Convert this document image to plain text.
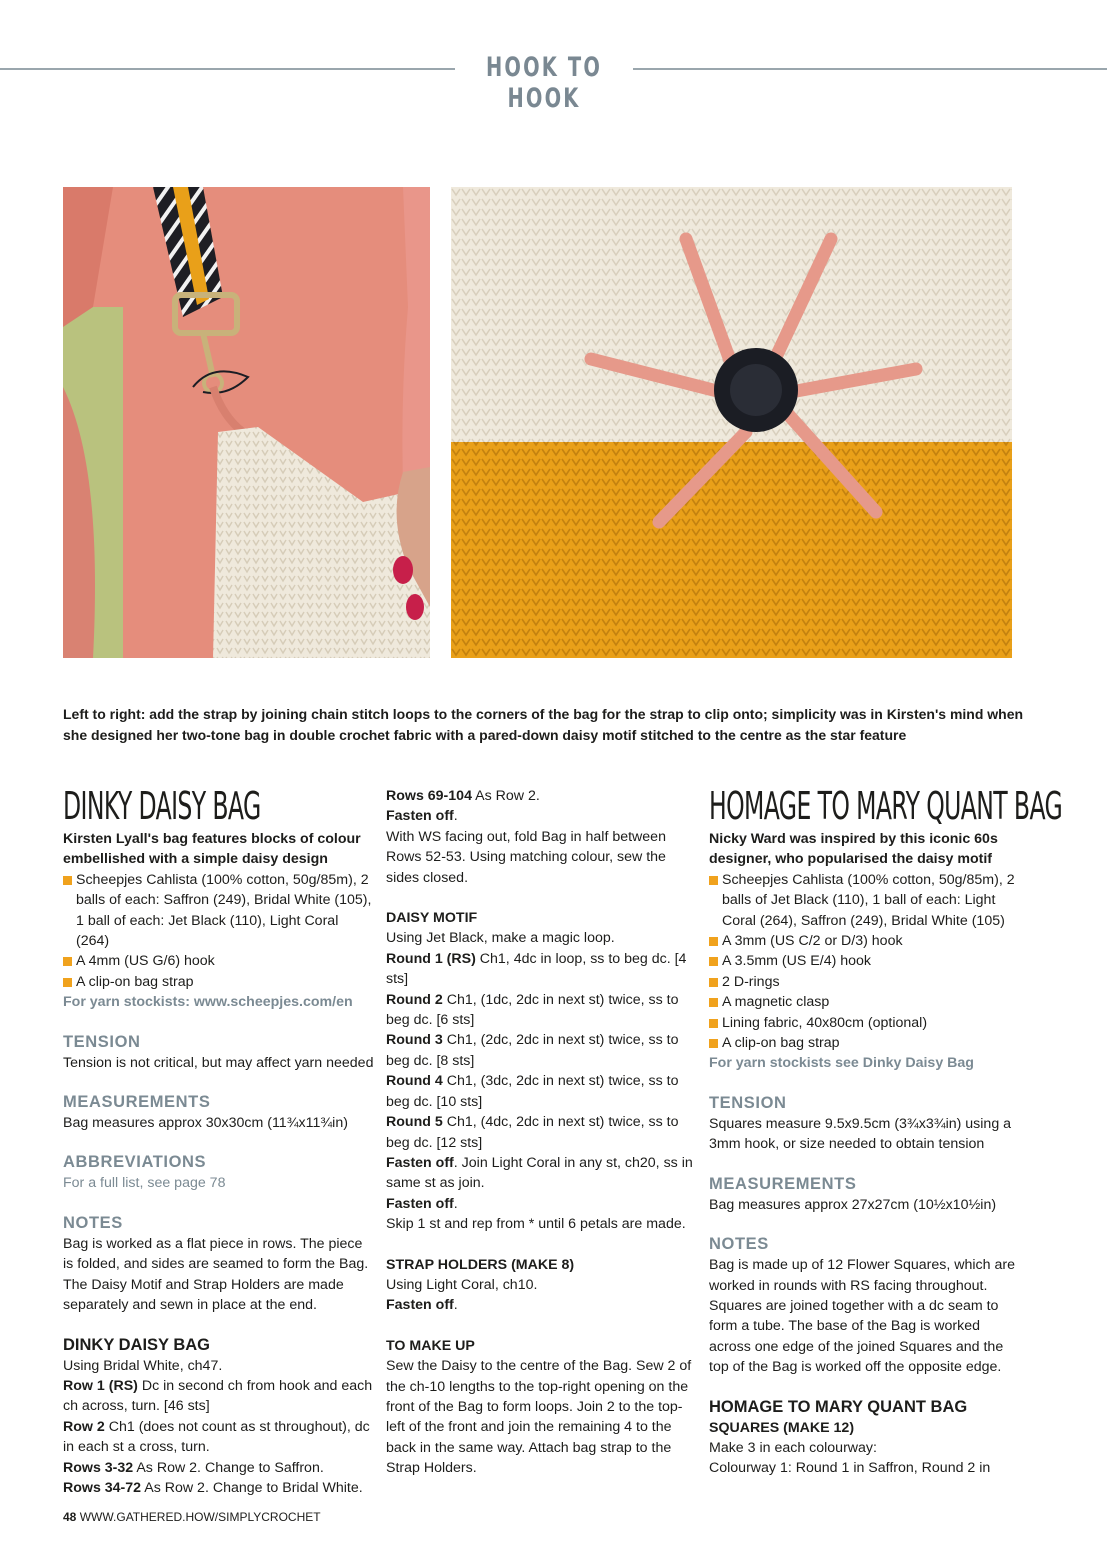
HOOK TO HOOK
Left to right: add the strap by joining chain stitch loops to the corners of the bag for the strap to clip onto; simplicity was in Kirsten's mind when she designed her two-tone bag in double crochet fabric with a pared-down daisy motif stitched to the centre as the star feature
DINKY DAISY BAG
Kirsten Lyall's bag features blocks of colour embellished with a simple daisy design
Scheepjes Cahlista (100% cotton, 50g/85m), 2 balls of each: Saffron (249), Bridal White (105), 1 ball of each: Jet Black (110), Light Coral (264)
A 4mm (US G/6) hook
A clip-on bag strap
For yarn stockists: www.scheepjes.com/en
TENSION
Tension is not critical, but may affect yarn needed
MEASUREMENTS
Bag measures approx 30x30cm (11¾x11¾in)
ABBREVIATIONS
For a full list, see page 78
NOTES
Bag is worked as a flat piece in rows. The piece is folded, and sides are seamed to form the Bag. The Daisy Motif and Strap Holders are made separately and sewn in place at the end.
DINKY DAISY BAG
Using Bridal White, ch47.
Row 1 (RS) Dc in second ch from hook and each ch across, turn. [46 sts]
Row 2 Ch1 (does not count as st throughout), dc in each st a cross, turn.
Rows 3-32 As Row 2. Change to Saffron.
Rows 34-72 As Row 2. Change to Bridal White.
Rows 69-104 As Row 2.
Fasten off.
With WS facing out, fold Bag in half between Rows 52-53. Using matching colour, sew the sides closed.
DAISY MOTIF
Using Jet Black, make a magic loop.
Round 1 (RS) Ch1, 4dc in loop, ss to beg dc. [4 sts]
Round 2 Ch1, (1dc, 2dc in next st) twice, ss to beg dc. [6 sts]
Round 3 Ch1, (2dc, 2dc in next st) twice, ss to beg dc. [8 sts]
Round 4 Ch1, (3dc, 2dc in next st) twice, ss to beg dc. [10 sts]
Round 5 Ch1, (4dc, 2dc in next st) twice, ss to beg dc. [12 sts]
Fasten off. Join Light Coral in any st, ch20, ss in same st as join.
Fasten off.
Skip 1 st and rep from * until 6 petals are made.
STRAP HOLDERS (MAKE 8)
Using Light Coral, ch10.
Fasten off.
TO MAKE UP
Sew the Daisy to the centre of the Bag. Sew 2 of the ch-10 lengths to the top-right opening on the front of the Bag to form loops. Join 2 to the top-left of the front and join the remaining 4 to the back in the same way. Attach bag strap to the Strap Holders.
HOMAGE TO MARY QUANT BAG
Nicky Ward was inspired by this iconic 60s designer, who popularised the daisy motif
Scheepjes Cahlista (100% cotton, 50g/85m), 2 balls of Jet Black (110), 1 ball of each: Light Coral (264), Saffron (249), Bridal White (105)
A 3mm (US C/2 or D/3) hook
A 3.5mm (US E/4) hook
2 D-rings
A magnetic clasp
Lining fabric, 40x80cm (optional)
A clip-on bag strap
For yarn stockists see Dinky Daisy Bag
TENSION
Squares measure 9.5x9.5cm (3¾x3¾in) using a 3mm hook, or size needed to obtain tension
MEASUREMENTS
Bag measures approx 27x27cm (10½x10½in)
NOTES
Bag is made up of 12 Flower Squares, which are worked in rounds with RS facing throughout. Squares are joined together with a dc seam to form a tube. The base of the Bag is worked across one edge of the joined Squares and the top of the Bag is worked off the opposite edge.
HOMAGE TO MARY QUANT BAG
SQUARES (MAKE 12)
Make 3 in each colourway:
Colourway 1: Round 1 in Saffron, Round 2 in
48 WWW.GATHERED.HOW/SIMPLYCROCHET
